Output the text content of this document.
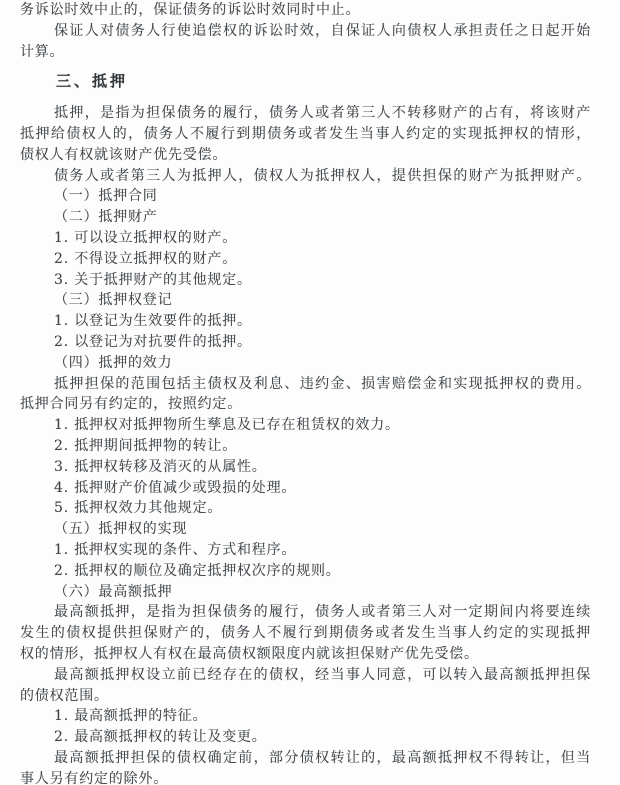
务诉讼时效中止的，保证债务的诉讼时效同时中止。
保证人对债务人行使追偿权的诉讼时效，自保证人向债权人承担责任之日起开始
计算。
三、抵押
抵押，是指为担保债务的履行，债务人或者第三人不转移财产的占有，将该财产
抵押给债权人的，债务人不履行到期债务或者发生当事人约定的实现抵押权的情形，
债权人有权就该财产优先受偿。
债务人或者第三人为抵押人，债权人为抵押权人，提供担保的财产为抵押财产。
（一）抵押合同
（二）抵押财产
1. 可以设立抵押权的财产。
2. 不得设立抵押权的财产。
3. 关于抵押财产的其他规定。
（三）抵押权登记
1. 以登记为生效要件的抵押。
2. 以登记为对抗要件的抵押。
（四）抵押的效力
抵押担保的范围包括主债权及利息、违约金、损害赔偿金和实现抵押权的费用。
抵押合同另有约定的，按照约定。
1. 抵押权对抵押物所生孳息及已存在租赁权的效力。
2. 抵押期间抵押物的转让。
3. 抵押权转移及消灭的从属性。
4. 抵押财产价值减少或毁损的处理。
5. 抵押权效力其他规定。
（五）抵押权的实现
1. 抵押权实现的条件、方式和程序。
2. 抵押权的顺位及确定抵押权次序的规则。
（六）最高额抵押
最高额抵押，是指为担保债务的履行，债务人或者第三人对一定期间内将要连续
发生的债权提供担保财产的，债务人不履行到期债务或者发生当事人约定的实现抵押
权的情形，抵押权人有权在最高债权额限度内就该担保财产优先受偿。
最高额抵押权设立前已经存在的债权，经当事人同意，可以转入最高额抵押担保
的债权范围。
1. 最高额抵押的特征。
2. 最高额抵押权的转让及变更。
最高额抵押担保的债权确定前，部分债权转让的，最高额抵押权不得转让，但当
事人另有约定的除外。
